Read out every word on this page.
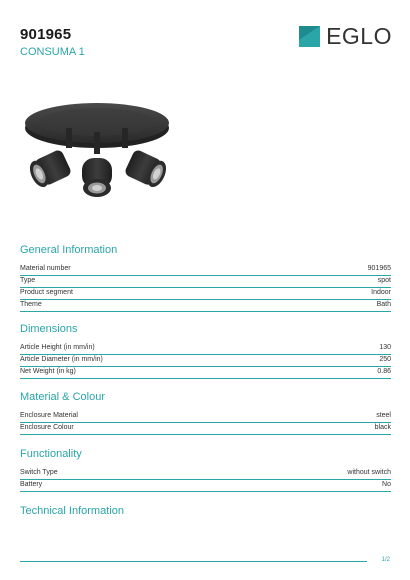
901965
CONSUMA 1
EGLO
General Information
Material number	901965
Type	spot
Product segment	Indoor
Theme	Bath
Dimensions
Article Height (in mm/in)	130
Article Diameter (in mm/in)	250
Net Weight (in kg)	0.86
Material & Colour
Enclosure Material	steel
Enclosure Colour	black
Functionality
Switch Type	without switch
Battery	No
Technical Information
1/2
